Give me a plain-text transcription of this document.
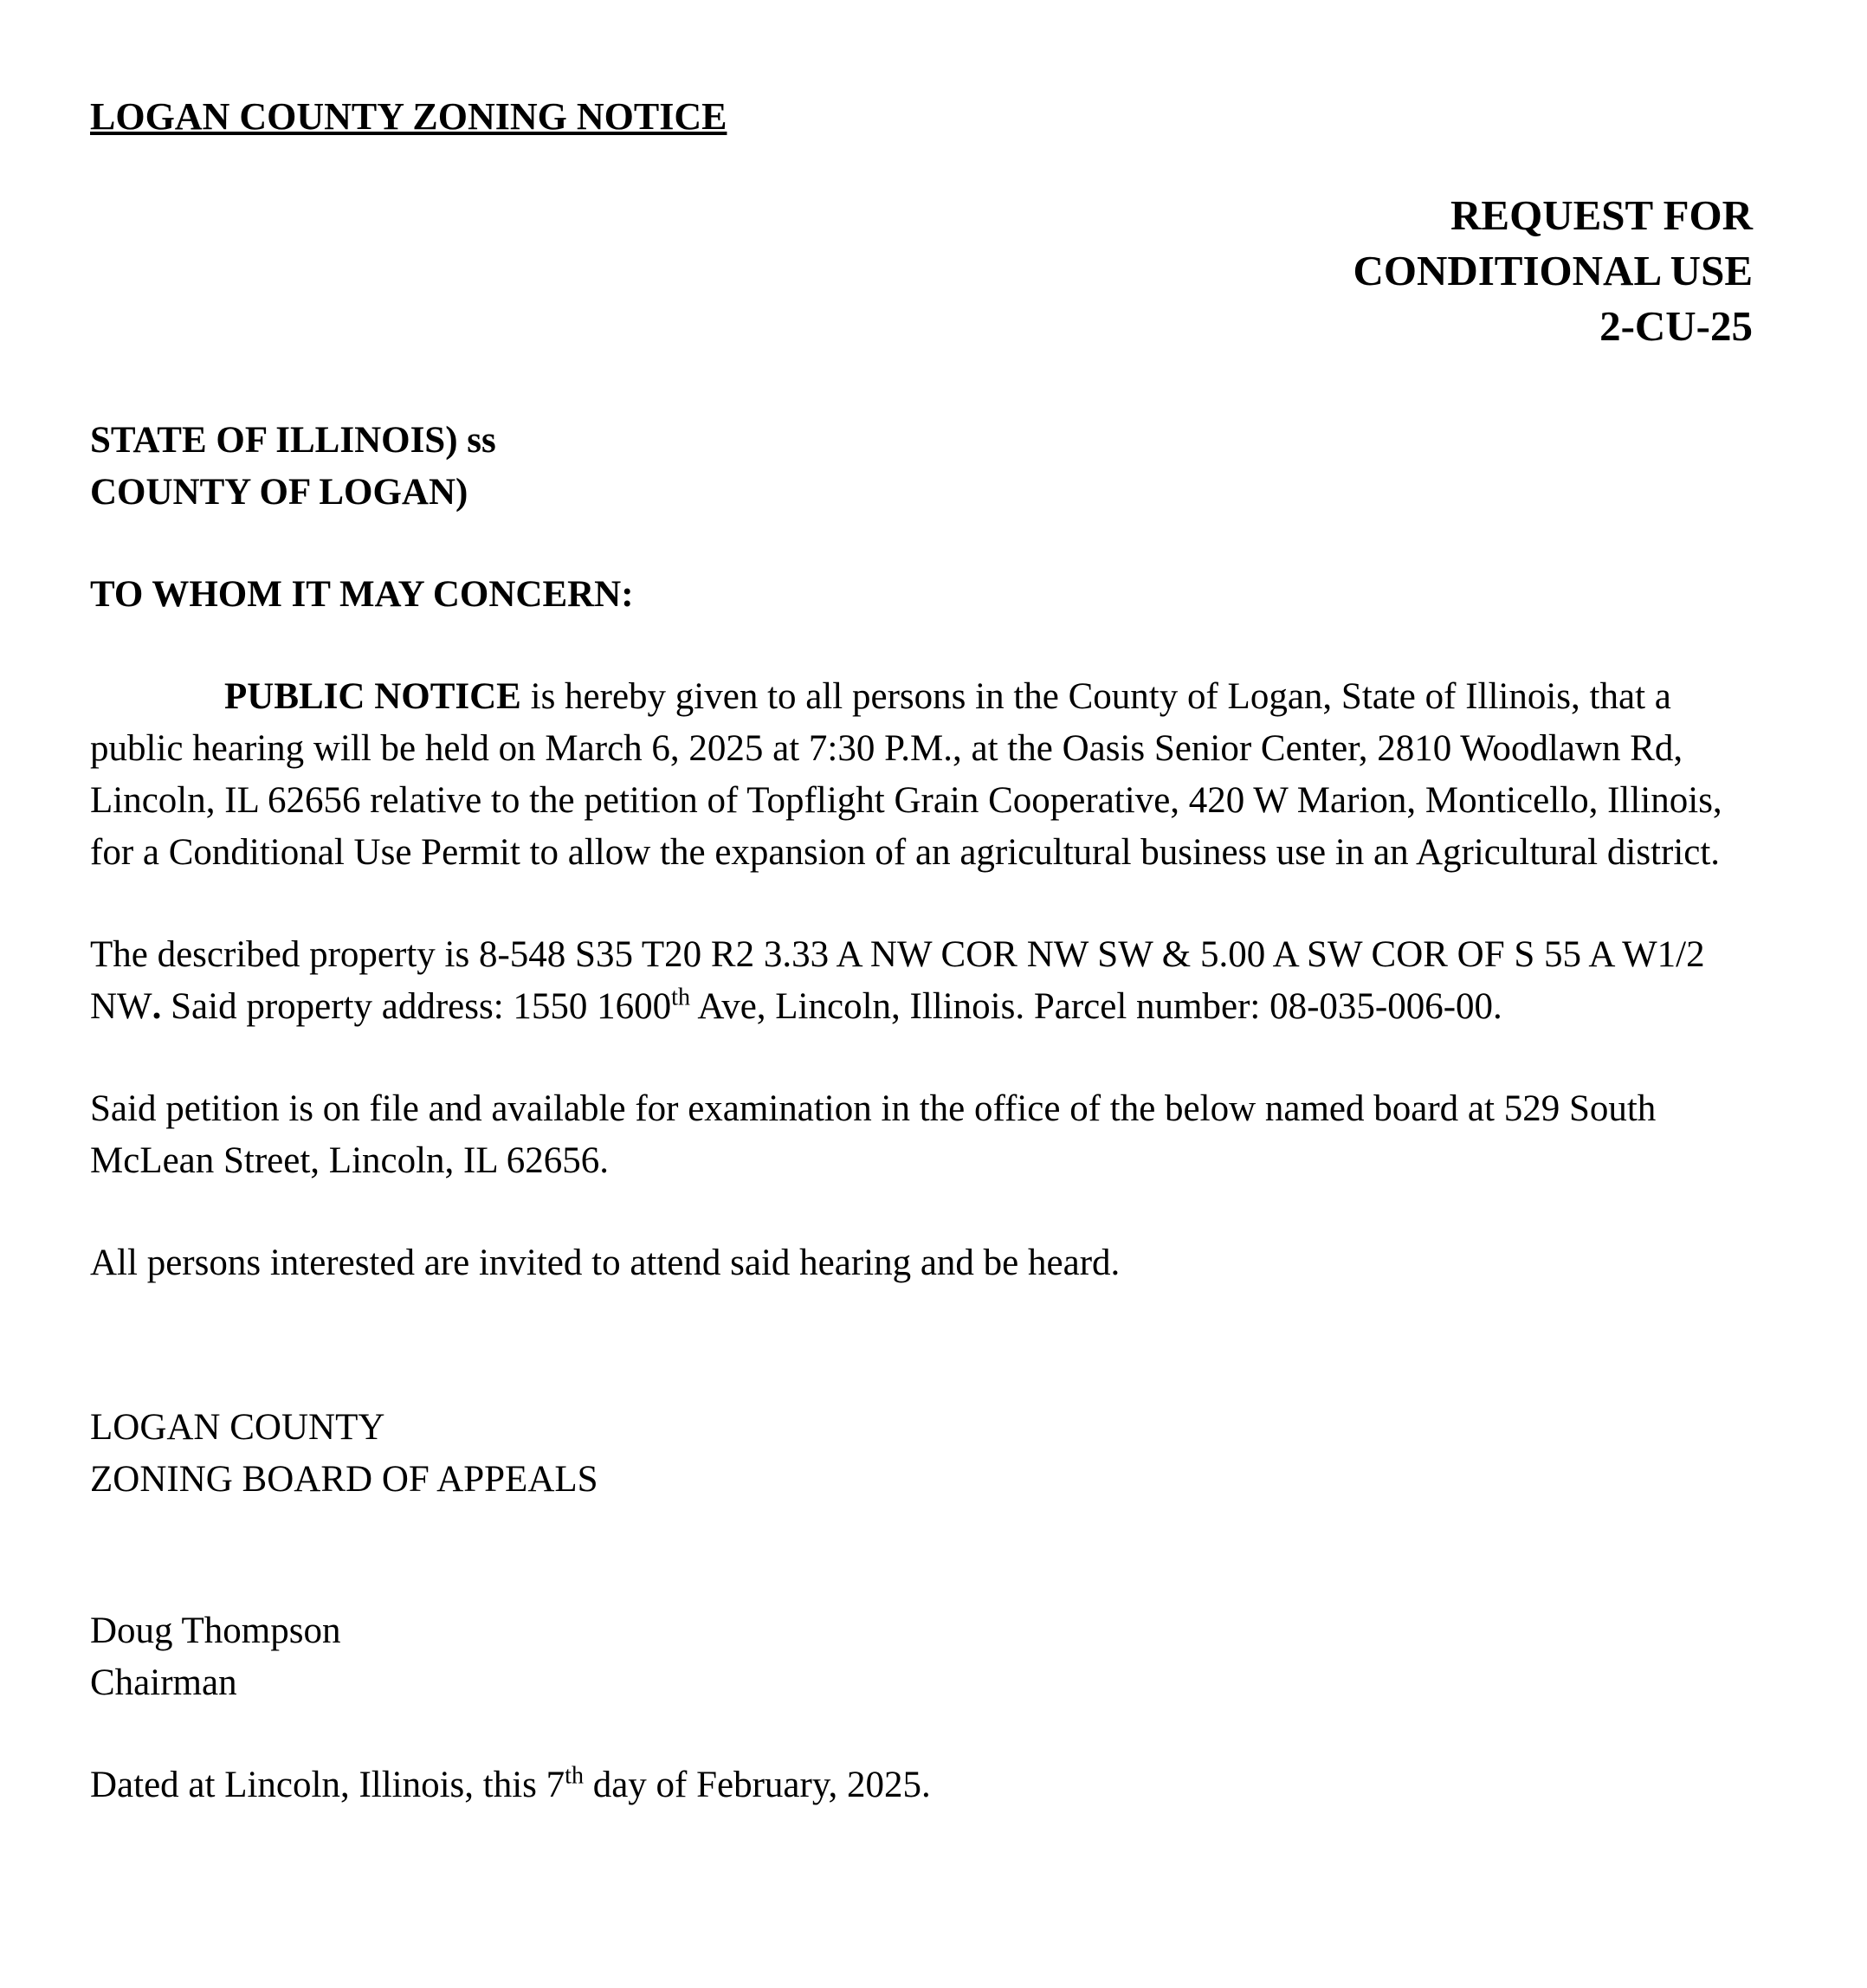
LOGAN COUNTY ZONING NOTICE
REQUEST FOR
CONDITIONAL USE
2-CU-25
STATE OF ILLINOIS) ss
COUNTY OF LOGAN)
TO WHOM IT MAY CONCERN:

PUBLIC NOTICE is hereby given to all persons in the County of Logan, State of Illinois, that a public hearing will be held on March 6, 2025 at 7:30 P.M., at the Oasis Senior Center, 2810 Woodlawn Rd, Lincoln, IL 62656 relative to the petition of Topflight Grain Cooperative, 420 W Marion, Monticello, Illinois, for a Conditional Use Permit to allow the expansion of an agricultural business use in an Agricultural district.

The described property is 8-548 S35 T20 R2 3.33 A NW COR NW SW & 5.00 A SW COR OF S 55 A W1/2 NW. Said property address: 1550 1600th Ave, Lincoln, Illinois. Parcel number: 08-035-006-00.

Said petition is on file and available for examination in the office of the below named board at 529 South McLean Street, Lincoln, IL 62656.

All persons interested are invited to attend said hearing and be heard.

LOGAN COUNTY
ZONING BOARD OF APPEALS
Doug Thompson
Chairman

Dated at Lincoln, Illinois, this 7th day of February, 2025.
